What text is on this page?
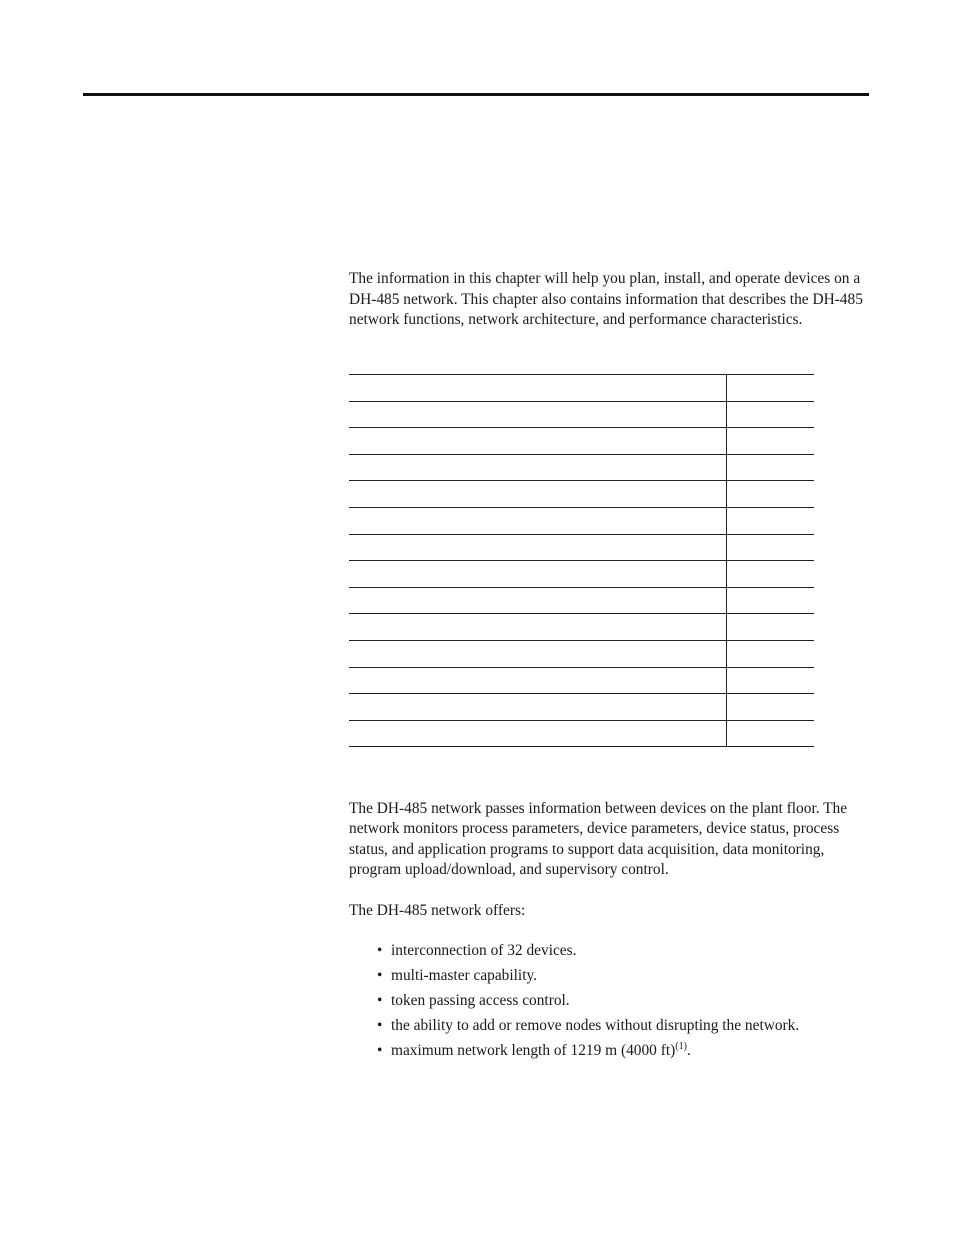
The information in this chapter will help you plan, install, and operate devices on a DH-485 network. This chapter also contains information that describes the DH-485 network functions, network architecture, and performance characteristics.

The DH-485 network passes information between devices on the plant floor. The network monitors process parameters, device parameters, device status, process status, and application programs to support data acquisition, data monitoring, program upload/download, and supervisory control.

The DH-485 network offers:

• interconnection of 32 devices.
• multi-master capability.
• token passing access control.
• the ability to add or remove nodes without disrupting the network.
• maximum network length of 1219 m (4000 ft)$^{(1)}$.
